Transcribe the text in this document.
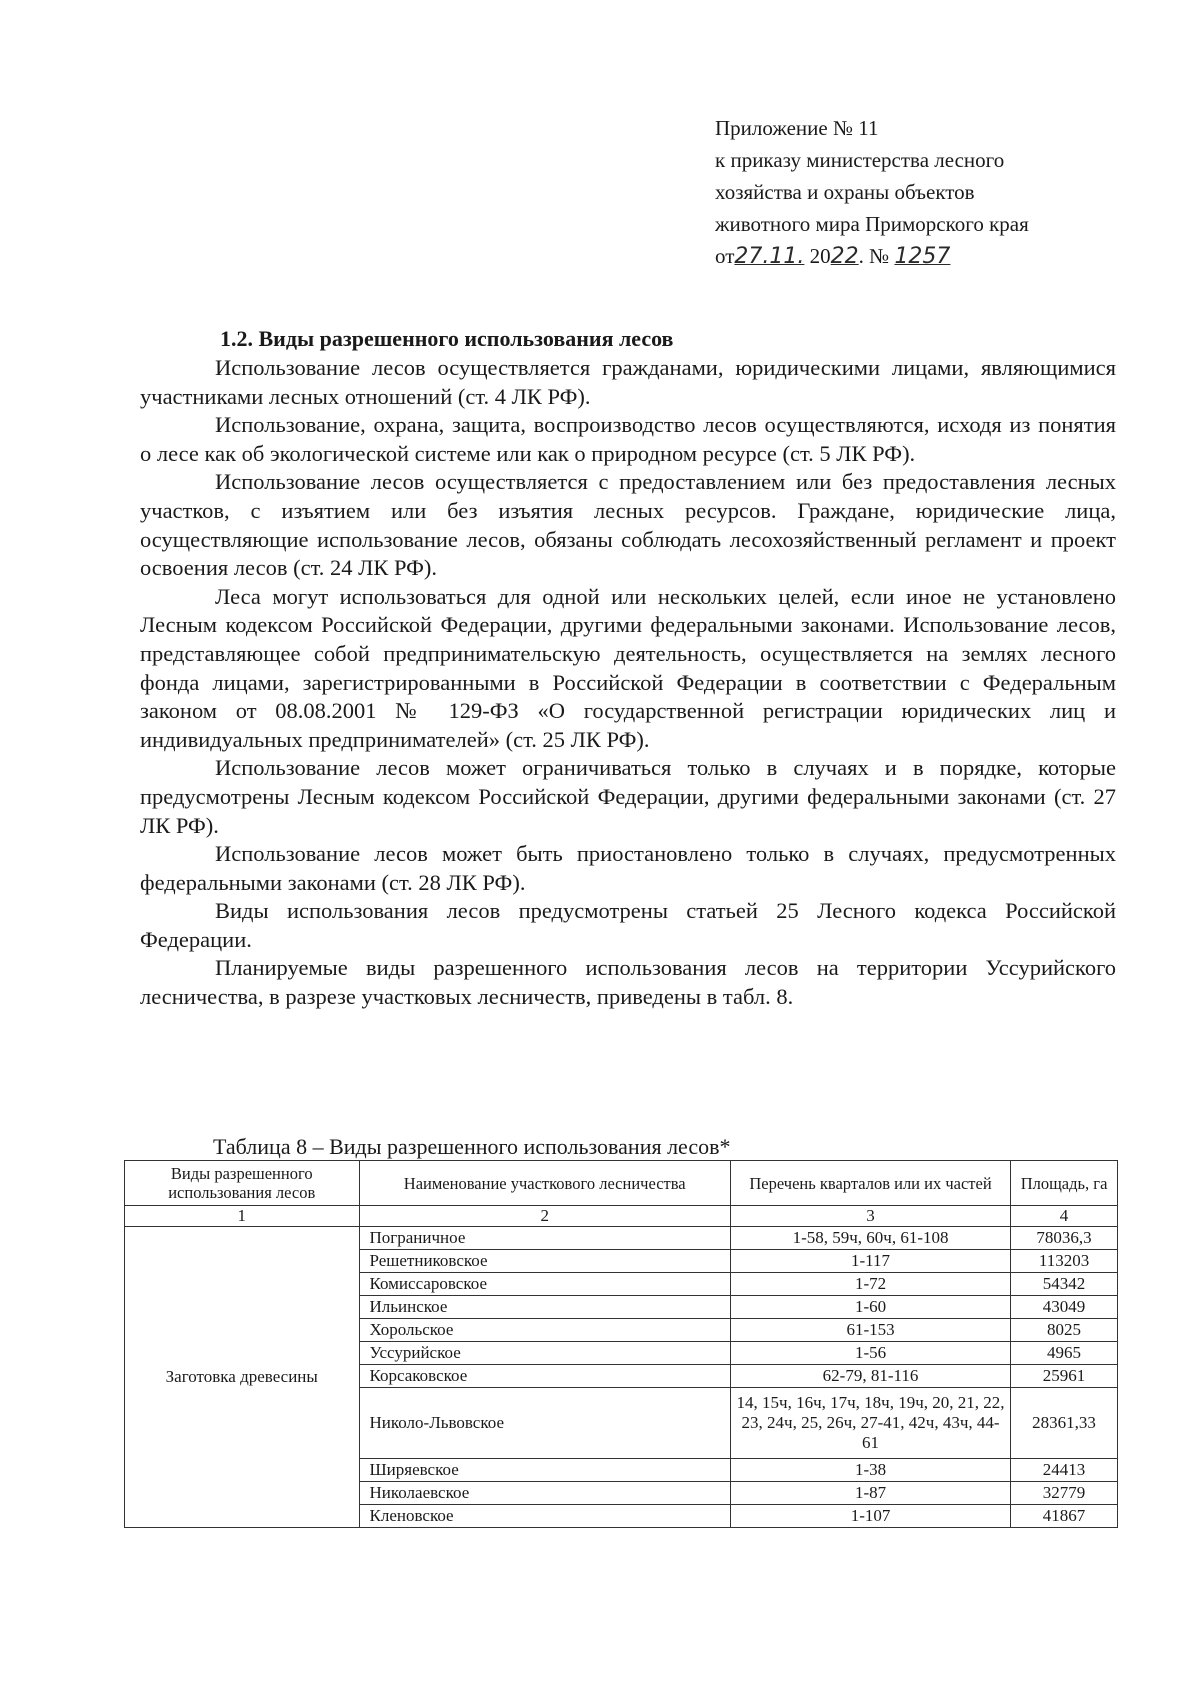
Приложение № 11
к приказу министерства лесного
хозяйства и охраны объектов
животного мира Приморского края
от27.11. 2022. № 1257

1.2. Виды разрешенного использования лесов

Использование лесов осуществляется гражданами, юридическими лицами, являющимися участниками лесных отношений (ст. 4 ЛК РФ).

Использование, охрана, защита, воспроизводство лесов осуществляются, исходя из понятия о лесе как об экологической системе или как о природном ресурсе (ст. 5 ЛК РФ).

Использование лесов осуществляется с предоставлением или без предоставления лесных участков, с изъятием или без изъятия лесных ресурсов. Граждане, юридические лица, осуществляющие использование лесов, обязаны соблюдать лесохозяйственный регламент и проект освоения лесов (ст. 24 ЛК РФ).

Леса могут использоваться для одной или нескольких целей, если иное не установлено Лесным кодексом Российской Федерации, другими федеральными законами. Использование лесов, представляющее собой предпринимательскую деятельность, осуществляется на землях лесного фонда лицами, зарегистрированными в Российской Федерации в соответствии с Федеральным законом от 08.08.2001 № 129-ФЗ «О государственной регистрации юридических лиц и индивидуальных предпринимателей» (ст. 25 ЛК РФ).

Использование лесов может ограничиваться только в случаях и в порядке, которые предусмотрены Лесным кодексом Российской Федерации, другими федеральными законами (ст. 27 ЛК РФ).

Использование лесов может быть приостановлено только в случаях, предусмотренных федеральными законами (ст. 28 ЛК РФ).

Виды использования лесов предусмотрены статьей 25 Лесного кодекса Российской Федерации.

Планируемые виды разрешенного использования лесов на территории Уссурийского лесничества, в разрезе участковых лесничеств, приведены в табл. 8.

Таблица 8 – Виды разрешенного использования лесов*
Виды разрешенного использования лесов	Наименование участкового лесничества	Перечень кварталов или их частей	Площадь, га
1	2	3	4
Заготовка древесины	Пограничное	1-58, 59ч, 60ч, 61-108	78036,3
	Решетниковское	1-117	113203
	Комиссаровское	1-72	54342
	Ильинское	1-60	43049
	Хорольское	61-153	8025
	Уссурийское	1-56	4965
	Корсаковское	62-79, 81-116	25961
	Николо-Львовское	14, 15ч, 16ч, 17ч, 18ч, 19ч, 20, 21, 22, 23, 24ч, 25, 26ч, 27-41, 42ч, 43ч, 44-61	28361,33
	Ширяевское	1-38	24413
	Николаевское	1-87	32779
	Кленовское	1-107	41867
